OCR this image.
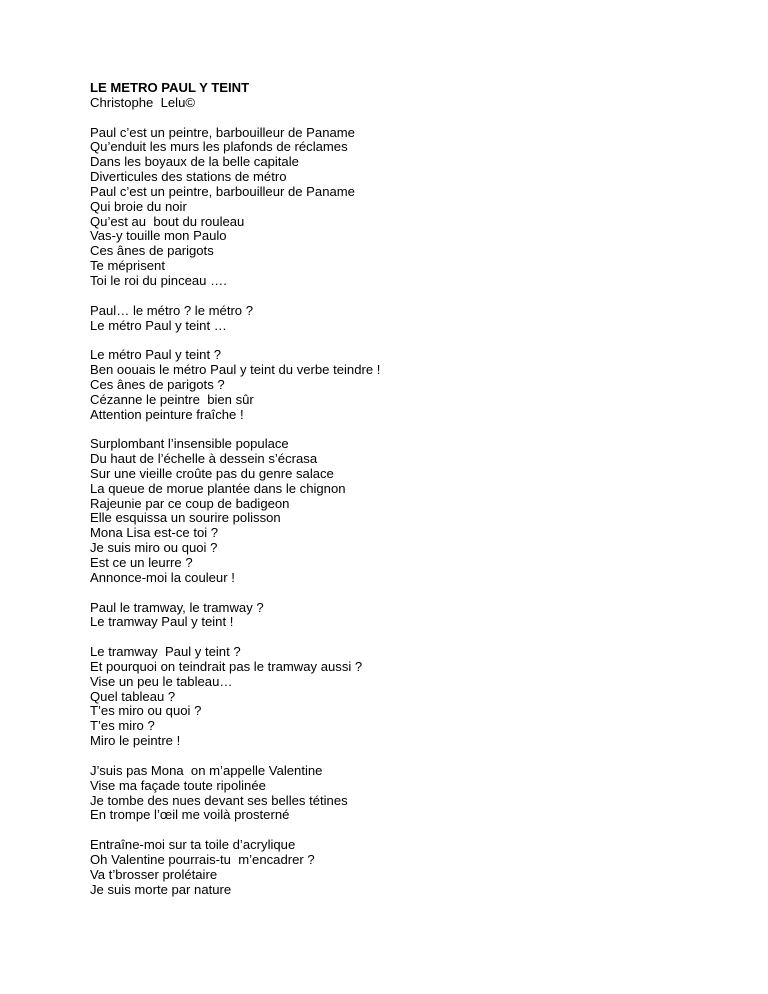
LE METRO PAUL Y TEINT

Christophe  Lelu©

Paul c’est un peintre, barbouilleur de Paname
Qu’enduit les murs les plafonds de réclames
Dans les boyaux de la belle capitale
Diverticules des stations de métro
Paul c’est un peintre, barbouilleur de Paname
Qui broie du noir
Qu’est au  bout du rouleau
Vas-y touille mon Paulo
Ces ânes de parigots
Te méprisent
Toi le roi du pinceau ….
Paul… le métro ? le métro ?
Le métro Paul y teint …
Le métro Paul y teint ?
Ben oouais le métro Paul y teint du verbe teindre !
Ces ânes de parigots ?
Cézanne le peintre  bien sûr
Attention peinture fraîche !
Surplombant l’insensible populace
Du haut de l’échelle à dessein s’écrasa
Sur une vieille croûte pas du genre salace
La queue de morue plantée dans le chignon
Rajeunie par ce coup de badigeon
Elle esquissa un sourire polisson
Mona Lisa est-ce toi ?
Je suis miro ou quoi ?
Est ce un leurre ?
Annonce-moi la couleur !
Paul le tramway, le tramway ?
Le tramway Paul y teint !
Le tramway  Paul y teint ?
Et pourquoi on teindrait pas le tramway aussi ?
Vise un peu le tableau…
Quel tableau ?
T’es miro ou quoi ?
T’es miro ?
Miro le peintre !
J’suis pas Mona  on m’appelle Valentine
Vise ma façade toute ripolinée
Je tombe des nues devant ses belles tétines
En trompe l’œil me voilà prosterné
Entraîne-moi sur ta toile d’acrylique
Oh Valentine pourrais-tu  m’encadrer ?
Va t’brosser prolétaire
Je suis morte par nature
